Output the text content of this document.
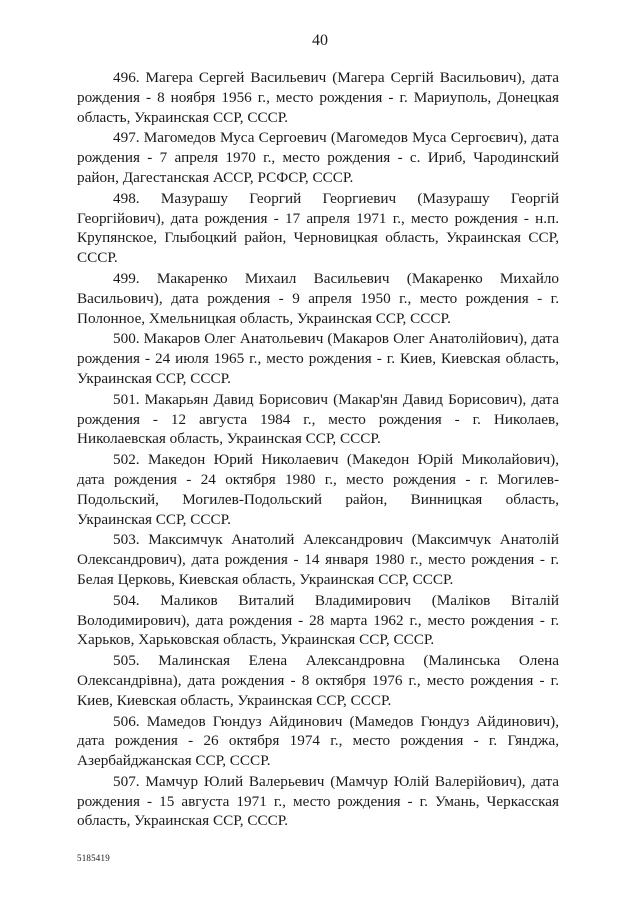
40

496. Магера Сергей Васильевич (Магера Сергій Васильович), дата рождения - 8 ноября 1956 г., место рождения - г. Мариуполь, Донецкая область, Украинская ССР, СССР.

497. Магомедов Муса Сергоевич (Магомедов Муса Сергоєвич), дата рождения - 7 апреля 1970 г., место рождения - с. Ириб, Чародинский район, Дагестанская АССР, РСФСР, СССР.

498. Мазурашу Георгий Георгиевич (Мазурашу Георгій Георгійович), дата рождения - 17 апреля 1971 г., место рождения - н.п. Крупянское, Глыбоцкий район, Черновицкая область, Украинская ССР, СССР.

499. Макаренко Михаил Васильевич (Макаренко Михайло Васильович), дата рождения - 9 апреля 1950 г., место рождения - г. Полонное, Хмельницкая область, Украинская ССР, СССР.

500. Макаров Олег Анатольевич (Макаров Олег Анатолійович), дата рождения - 24 июля 1965 г., место рождения - г. Киев, Киевская область, Украинская ССР, СССР.

501. Макарьян Давид Борисович (Макар'ян Давид Борисович), дата рождения - 12 августа 1984 г., место рождения - г. Николаев, Николаевская область, Украинская ССР, СССР.

502. Македон Юрий Николаевич (Македон Юрій Миколайович), дата рождения - 24 октября 1980 г., место рождения - г. Могилев-Подольский, Могилев-Подольский район, Винницкая область, Украинская ССР, СССР.

503. Максимчук Анатолий Александрович (Максимчук Анатолій Олександрович), дата рождения - 14 января 1980 г., место рождения - г. Белая Церковь, Киевская область, Украинская ССР, СССР.

504. Маликов Виталий Владимирович (Маліков Віталій Володимирович), дата рождения - 28 марта 1962 г., место рождения - г. Харьков, Харьковская область, Украинская ССР, СССР.

505. Малинская Елена Александровна (Малинська Олена Олександрівна), дата рождения - 8 октября 1976 г., место рождения - г. Киев, Киевская область, Украинская ССР, СССР.

506. Мамедов Гюндуз Айдинович (Мамедов Гюндуз Айдинович), дата рождения - 26 октября 1974 г., место рождения - г. Гянджа, Азербайджанская ССР, СССР.

507. Мамчур Юлий Валерьевич (Мамчур Юлій Валерійович), дата рождения - 15 августа 1971 г., место рождения - г. Умань, Черкасская область, Украинская ССР, СССР.

5185419
